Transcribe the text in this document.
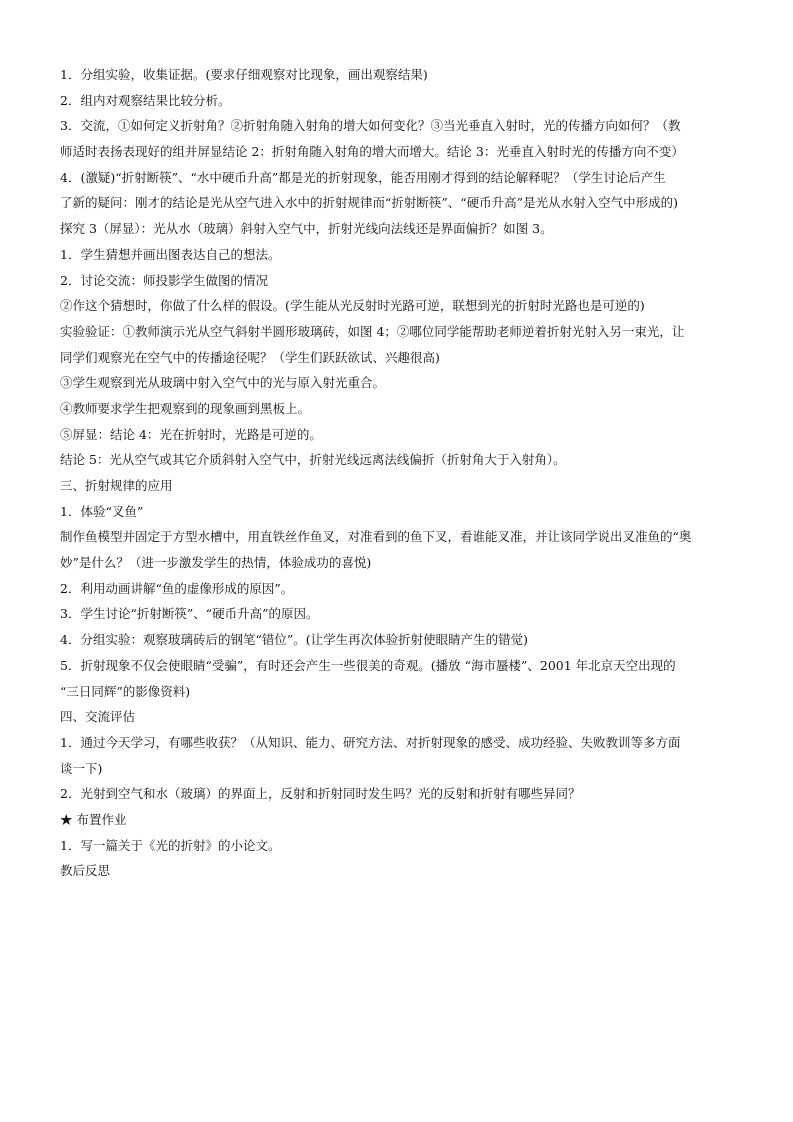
1．分组实验，收集证据。(要求仔细观察对比现象，画出观察结果)
2．组内对观察结果比较分析。
3．交流，①如何定义折射角？②折射角随入射角的增大如何变化？③当光垂直入射时，光的传播方向如何？（教
师适时表扬表现好的组并屏显结论 2：折射角随入射角的增大而增大。结论 3：光垂直入射时光的传播方向不变）
4．(激疑)“折射断筷”、“水中硬币升高”都是光的折射现象，能否用刚才得到的结论解释呢？（学生讨论后产生
了新的疑问：刚才的结论是光从空气进入水中的折射规律而“折射断筷”、“硬币升高”是光从水射入空气中形成的)
探究 3（屏显）：光从水（玻璃）斜射入空气中，折射光线向法线还是界面偏折？如图 3。
1．学生猜想并画出图表达自己的想法。
2．讨论交流：师投影学生做图的情况
②作这个猜想时，你做了什么样的假设。(学生能从光反射时光路可逆，联想到光的折射时光路也是可逆的)
实验验证：①教师演示光从空气斜射半圆形玻璃砖，如图 4；②哪位同学能帮助老师逆着折射光射入另一束光，让
同学们观察光在空气中的传播途径呢？（学生们跃跃欲试、兴趣很高)
③学生观察到光从玻璃中射入空气中的光与原入射光重合。
④教师要求学生把观察到的现象画到黑板上。
⑤屏显：结论 4：光在折射时，光路是可逆的。
结论 5：光从空气或其它介质斜射入空气中，折射光线远离法线偏折（折射角大于入射角）。
三、折射规律的应用
1．体验“叉鱼”
制作鱼模型并固定于方型水槽中，用直铁丝作鱼叉，对准看到的鱼下叉，看谁能叉准，并让该同学说出叉准鱼的“奥
妙”是什么？（进一步激发学生的热情，体验成功的喜悦)
2．利用动画讲解“鱼的虚像形成的原因”。
3．学生讨论“折射断筷”、“硬币升高”的原因。
4．分组实验：观察玻璃砖后的钢笔“错位”。(让学生再次体验折射使眼睛产生的错觉)
5．折射现象不仅会使眼睛“受骗”，有时还会产生一些很美的奇观。(播放 “海市蜃楼”、2001 年北京天空出现的
“三日同辉”的影像资料)
四、交流评估
1．通过今天学习，有哪些收获？（从知识、能力、研究方法、对折射现象的感受、成功经验、失败教训等多方面
谈一下)
2．光射到空气和水（玻璃）的界面上，反射和折射同时发生吗？光的反射和折射有哪些异同？
★ 布置作业
1．写一篇关于《光的折射》的小论文。
教后反思
